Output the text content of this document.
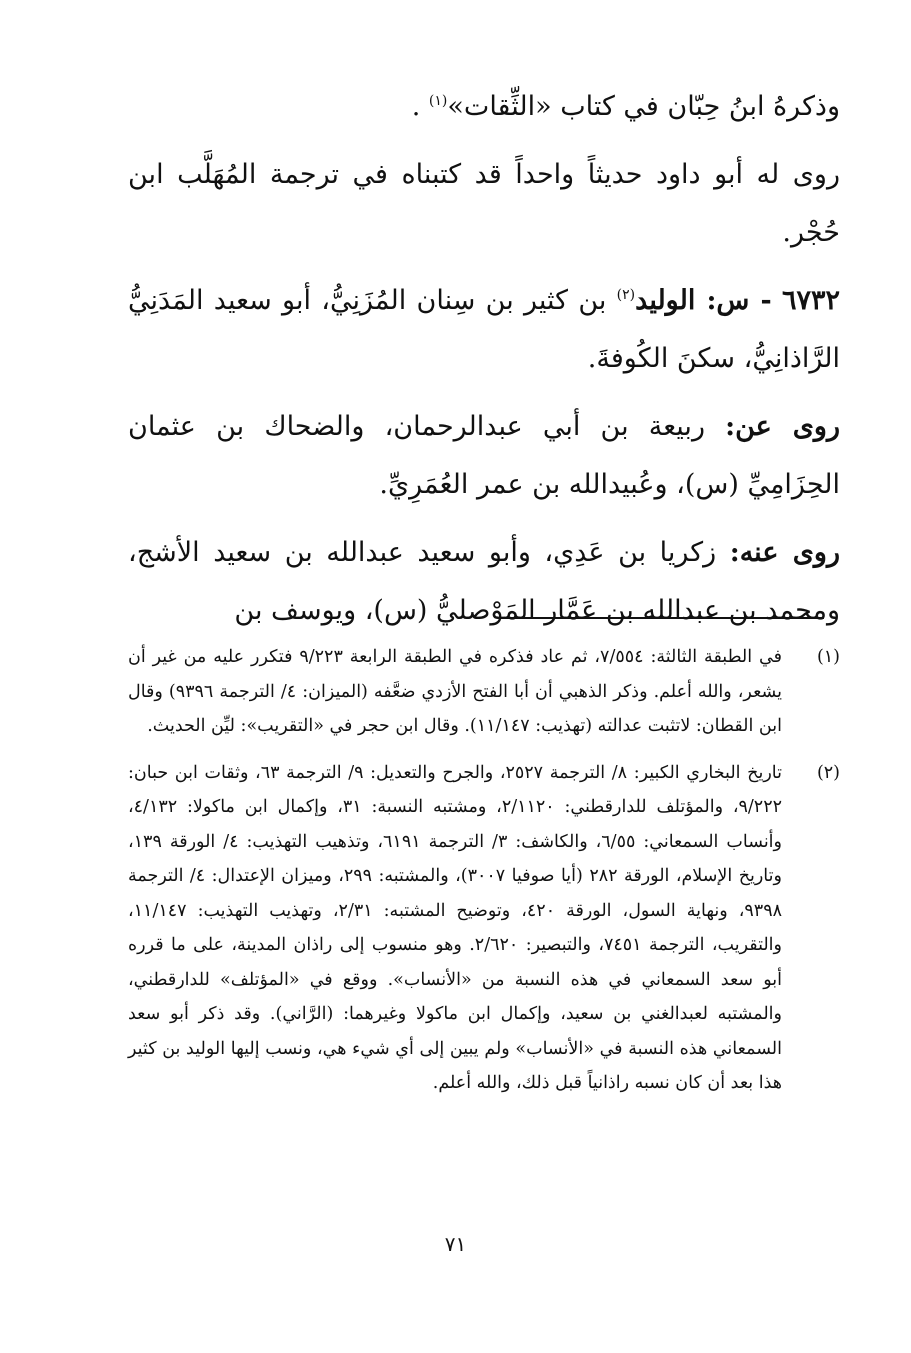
وذكرهُ ابنُ حِبّان في كتاب «الثِّقات»$^{(١)}$ .

روى له أبو داود حديثاً واحداً قد كتبناه في ترجمة المُهَلَّب ابن حُجْر.

٦٧٣٢ - س: الوليد$^{(٢)}$ بن كثير بن سِنان المُزَنِيُّ، أبو سعيد المَدَنِيُّ الرَّاذانِيُّ، سكنَ الكُوفةَ.

روى عن: ربيعة بن أبي عبدالرحمان، والضحاك بن عثمان الحِزَامِيِّ (س)، وعُبيدالله بن عمر العُمَرِيِّ.

روى عنه: زكريا بن عَدِي، وأبو سعيد عبدالله بن سعيد الأشج، ومحمد بن عبدالله بن عَمَّار المَوْصليُّ (س)، ويوسف بن

(١)
في الطبقة الثالثة: ٧/٥٥٤، ثم عاد فذكره في الطبقة الرابعة ٩/٢٢٣ فتكرر عليه من غير أن يشعر، والله أعلم. وذكر الذهبي أن أبا الفتح الأزدي ضعَّفه (الميزان: ٤/ الترجمة ٩٣٩٦) وقال ابن القطان: لاتثبت عدالته (تهذيب: ١١/١٤٧). وقال ابن حجر في «التقريب»: ليِّن الحديث.
(٢)
تاريخ البخاري الكبير: ٨/ الترجمة ٢٥٢٧، والجرح والتعديل: ٩/ الترجمة ٦٣، وثقات ابن حبان: ٩/٢٢٢، والمؤتلف للدارقطني: ٢/١١٢٠، ومشتبه النسبة: ٣١، وإكمال ابن ماكولا: ٤/١٣٢، وأنساب السمعاني: ٦/٥٥، والكاشف: ٣/ الترجمة ٦١٩١، وتذهيب التهذيب: ٤/ الورقة ١٣٩، وتاريخ الإسلام، الورقة ٢٨٢ (أيا صوفيا ٣٠٠٧)، والمشتبه: ٢٩٩، وميزان الإعتدال: ٤/ الترجمة ٩٣٩٨، ونهاية السول، الورقة ٤٢٠، وتوضيح المشتبه: ٢/٣١، وتهذيب التهذيب: ١١/١٤٧، والتقريب، الترجمة ٧٤٥١، والتبصير: ٢/٦٢٠. وهو منسوب إلى راذان المدينة، على ما قرره أبو سعد السمعاني في هذه النسبة من «الأنساب». ووقع في «المؤتلف» للدارقطني، والمشتبه لعبدالغني بن سعيد، وإكمال ابن ماكولا وغيرهما: (الرَّاني). وقد ذكر أبو سعد السمعاني هذه النسبة في «الأنساب» ولم يبين إلى أي شيء هي، ونسب إليها الوليد بن كثير هذا بعد أن كان نسبه راذانياً قبل ذلك، والله أعلم.
٧١
